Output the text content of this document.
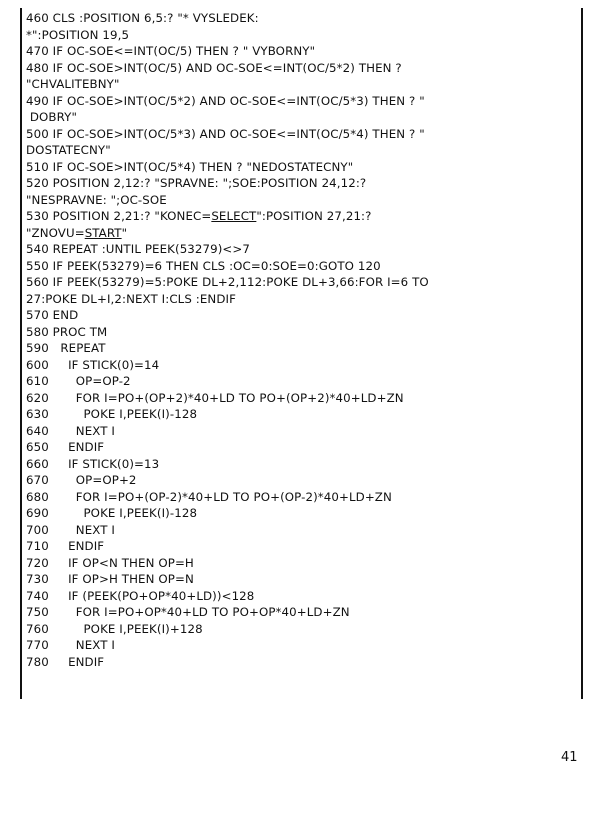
460 CLS :POSITION 6,5:? "* VYSLEDEK:
*":POSITION 19,5
470 IF OC-SOE<=INT(OC/5) THEN ? " VYBORNY"
480 IF OC-SOE>INT(OC/5) AND OC-SOE<=INT(OC/5*2) THEN ?
"CHVALITEBNY"
490 IF OC-SOE>INT(OC/5*2) AND OC-SOE<=INT(OC/5*3) THEN ? "
DOBRY"
500 IF OC-SOE>INT(OC/5*3) AND OC-SOE<=INT(OC/5*4) THEN ? "
DOSTATECNY"
510 IF OC-SOE>INT(OC/5*4) THEN ? "NEDOSTATECNY"
520 POSITION 2,12:? "SPRAVNE: ";SOE:POSITION 24,12:?
"NESPRAVNE: ";OC-SOE
530 POSITION 2,21:? "KONEC=SELECT":POSITION 27,21:?
"ZNOVU=START"
540 REPEAT :UNTIL PEEK(53279)<>7
550 IF PEEK(53279)=6 THEN CLS :OC=0:SOE=0:GOTO 120
560 IF PEEK(53279)=5:POKE DL+2,112:POKE DL+3,66:FOR I=6 TO
27:POKE DL+I,2:NEXT I:CLS :ENDIF
570 END
580 PROC TM
590   REPEAT
600     IF STICK(0)=14
610       OP=OP-2
620       FOR I=PO+(OP+2)*40+LD TO PO+(OP+2)*40+LD+ZN
630         POKE I,PEEK(I)-128
640       NEXT I
650     ENDIF
660     IF STICK(0)=13
670       OP=OP+2
680       FOR I=PO+(OP-2)*40+LD TO PO+(OP-2)*40+LD+ZN
690         POKE I,PEEK(I)-128
700       NEXT I
710     ENDIF
720     IF OP<N THEN OP=H
730     IF OP>H THEN OP=N
740     IF (PEEK(PO+OP*40+LD))<128
750       FOR I=PO+OP*40+LD TO PO+OP*40+LD+ZN
760         POKE I,PEEK(I)+128
770       NEXT I
780     ENDIF
41
